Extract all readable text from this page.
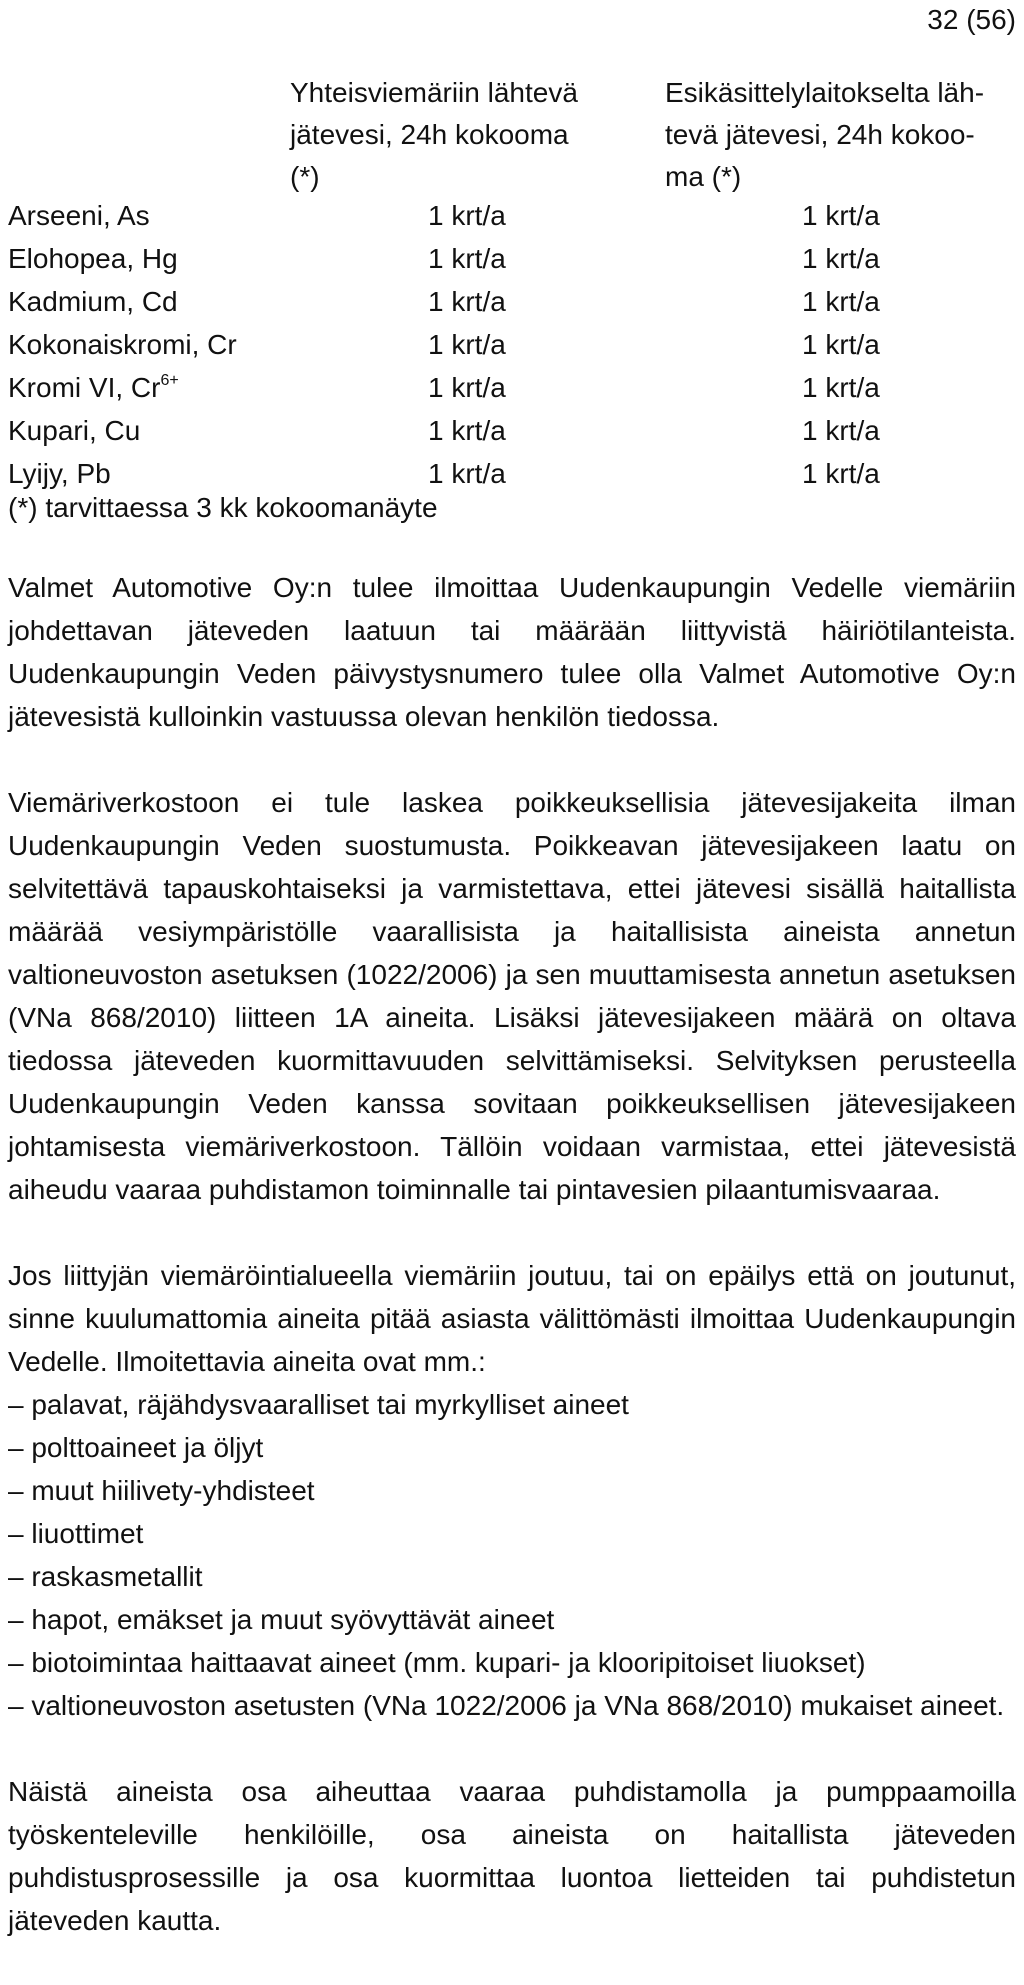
32 (56)
Yhteisviemäriin lähtevä
jätevesi, 24h kokooma
(*)
Esikäsittelylaitokselta läh-
tevä jätevesi, 24h kokoo-
ma (*)
Arseeni, As	1 krt/a	1 krt/a
Elohopea, Hg	1 krt/a	1 krt/a
Kadmium, Cd	1 krt/a	1 krt/a
Kokonaiskromi, Cr	1 krt/a	1 krt/a
Kromi VI, $Cr^{6+}$	1 krt/a	1 krt/a
Kupari, Cu	1 krt/a	1 krt/a
Lyijy, Pb	1 krt/a	1 krt/a
(*) tarvittaessa 3 kk kokoomanäyte

Valmet Automotive Oy:n tulee ilmoittaa Uudenkaupungin Vedelle viemäriin johdettavan jäteveden laatuun tai määrään liittyvistä häiriötilanteista. Uudenkaupungin Veden päivystysnumero tulee olla Valmet Automotive Oy:n jätevesistä kulloinkin vastuussa olevan henkilön tiedossa.

Viemäriverkostoon ei tule laskea poikkeuksellisia jätevesijakeita ilman Uudenkaupungin Veden suostumusta. Poikkeavan jätevesijakeen laatu on selvitettävä tapauskohtaiseksi ja varmistettava, ettei jätevesi sisällä haitallista määrää vesiympäristölle vaarallisista ja haitallisista aineista annetun valtioneuvoston asetuksen (1022/2006) ja sen muuttamisesta annetun asetuksen (VNa 868/2010) liitteen 1A aineita. Lisäksi jätevesijakeen määrä on oltava tiedossa jäteveden kuormittavuuden selvittämiseksi. Selvityksen perusteella Uudenkaupungin Veden kanssa sovitaan poikkeuksellisen jätevesijakeen johtamisesta viemäriverkostoon. Tällöin voidaan varmistaa, ettei jätevesistä aiheudu vaaraa puhdistamon toiminnalle tai pintavesien pilaantumisvaaraa.

Jos liittyjän viemäröintialueella viemäriin joutuu, tai on epäilys että on joutunut, sinne kuulumattomia aineita pitää asiasta välittömästi ilmoittaa Uudenkaupungin Vedelle. Ilmoitettavia aineita ovat mm.:

– palavat, räjähdysvaaralliset tai myrkylliset aineet
– polttoaineet ja öljyt
– muut hiilivety-yhdisteet
– liuottimet
– raskasmetallit
– hapot, emäkset ja muut syövyttävät aineet
– biotoimintaa haittaavat aineet (mm. kupari- ja klooripitoiset liuokset)
– valtioneuvoston asetusten (VNa 1022/2006 ja VNa 868/2010) mukaiset aineet.

Näistä aineista osa aiheuttaa vaaraa puhdistamolla ja pumppaamoilla työskenteleville henkilöille, osa aineista on haitallista jäteveden puhdistusprosessille ja osa kuormittaa luontoa lietteiden tai puhdistetun jäteveden kautta.
